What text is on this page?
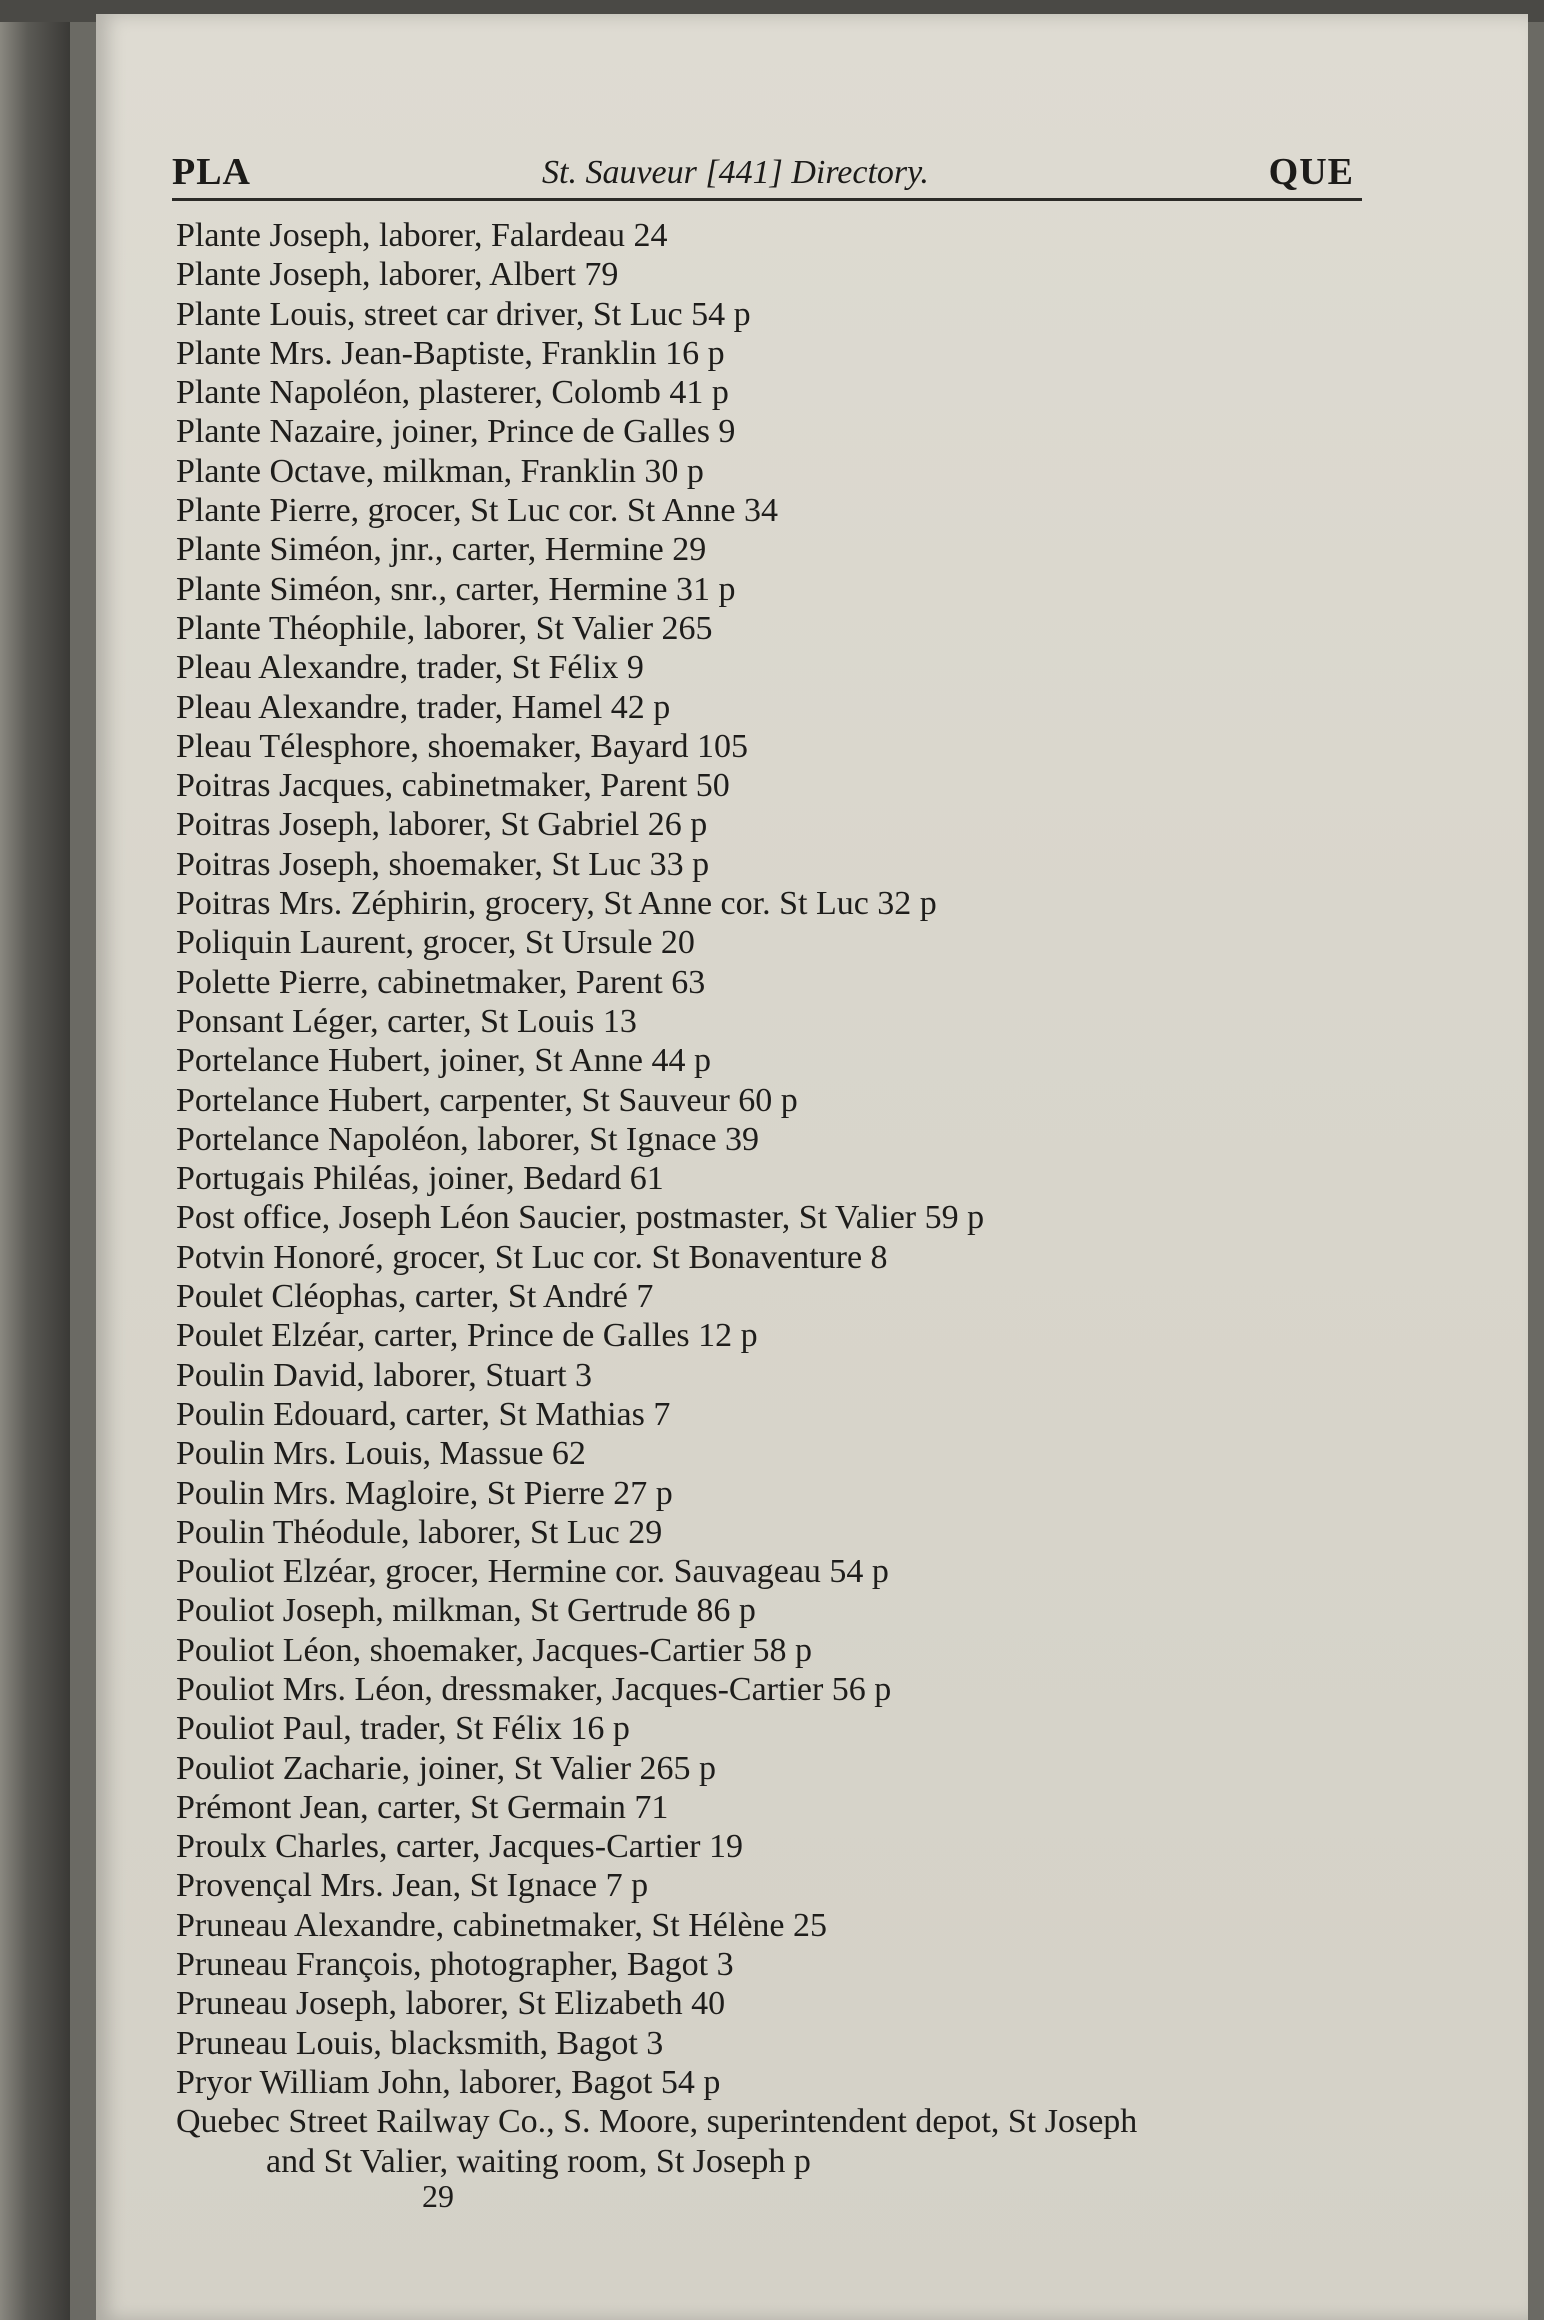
PLA	St. Sauveur [441] Directory.	QUE
Plante Joseph, laborer, Falardeau 24
Plante Joseph, laborer, Albert 79
Plante Louis, street car driver, St Luc 54 p
Plante Mrs. Jean-Baptiste, Franklin 16 p
Plante Napoléon, plasterer, Colomb 41 p
Plante Nazaire, joiner, Prince de Galles 9
Plante Octave, milkman, Franklin 30 p
Plante Pierre, grocer, St Luc cor. St Anne 34
Plante Siméon, jnr., carter, Hermine 29
Plante Siméon, snr., carter, Hermine 31 p
Plante Théophile, laborer, St Valier 265
Pleau Alexandre, trader, St Félix 9
Pleau Alexandre, trader, Hamel 42 p
Pleau Télesphore, shoemaker, Bayard 105
Poitras Jacques, cabinetmaker, Parent 50
Poitras Joseph, laborer, St Gabriel 26 p
Poitras Joseph, shoemaker, St Luc 33 p
Poitras Mrs. Zéphirin, grocery, St Anne cor. St Luc 32 p
Poliquin Laurent, grocer, St Ursule 20
Polette Pierre, cabinetmaker, Parent 63
Ponsant Léger, carter, St Louis 13
Portelance Hubert, joiner, St Anne 44 p
Portelance Hubert, carpenter, St Sauveur 60 p
Portelance Napoléon, laborer, St Ignace 39
Portugais Philéas, joiner, Bedard 61
Post office, Joseph Léon Saucier, postmaster, St Valier 59 p
Potvin Honoré, grocer, St Luc cor. St Bonaventure 8
Poulet Cléophas, carter, St André 7
Poulet Elzéar, carter, Prince de Galles 12 p
Poulin David, laborer, Stuart 3
Poulin Edouard, carter, St Mathias 7
Poulin Mrs. Louis, Massue 62
Poulin Mrs. Magloire, St Pierre 27 p
Poulin Théodule, laborer, St Luc 29
Pouliot Elzéar, grocer, Hermine cor. Sauvageau 54 p
Pouliot Joseph, milkman, St Gertrude 86 p
Pouliot Léon, shoemaker, Jacques-Cartier 58 p
Pouliot Mrs. Léon, dressmaker, Jacques-Cartier 56 p
Pouliot Paul, trader, St Félix 16 p
Pouliot Zacharie, joiner, St Valier 265 p
Prémont Jean, carter, St Germain 71
Proulx Charles, carter, Jacques-Cartier 19
Provençal Mrs. Jean, St Ignace 7 p
Pruneau Alexandre, cabinetmaker, St Hélène 25
Pruneau François, photographer, Bagot 3
Pruneau Joseph, laborer, St Elizabeth 40
Pruneau Louis, blacksmith, Bagot 3
Pryor William John, laborer, Bagot 54 p
Quebec Street Railway Co., S. Moore, superintendent depot, St Joseph
and St Valier, waiting room, St Joseph p
29
